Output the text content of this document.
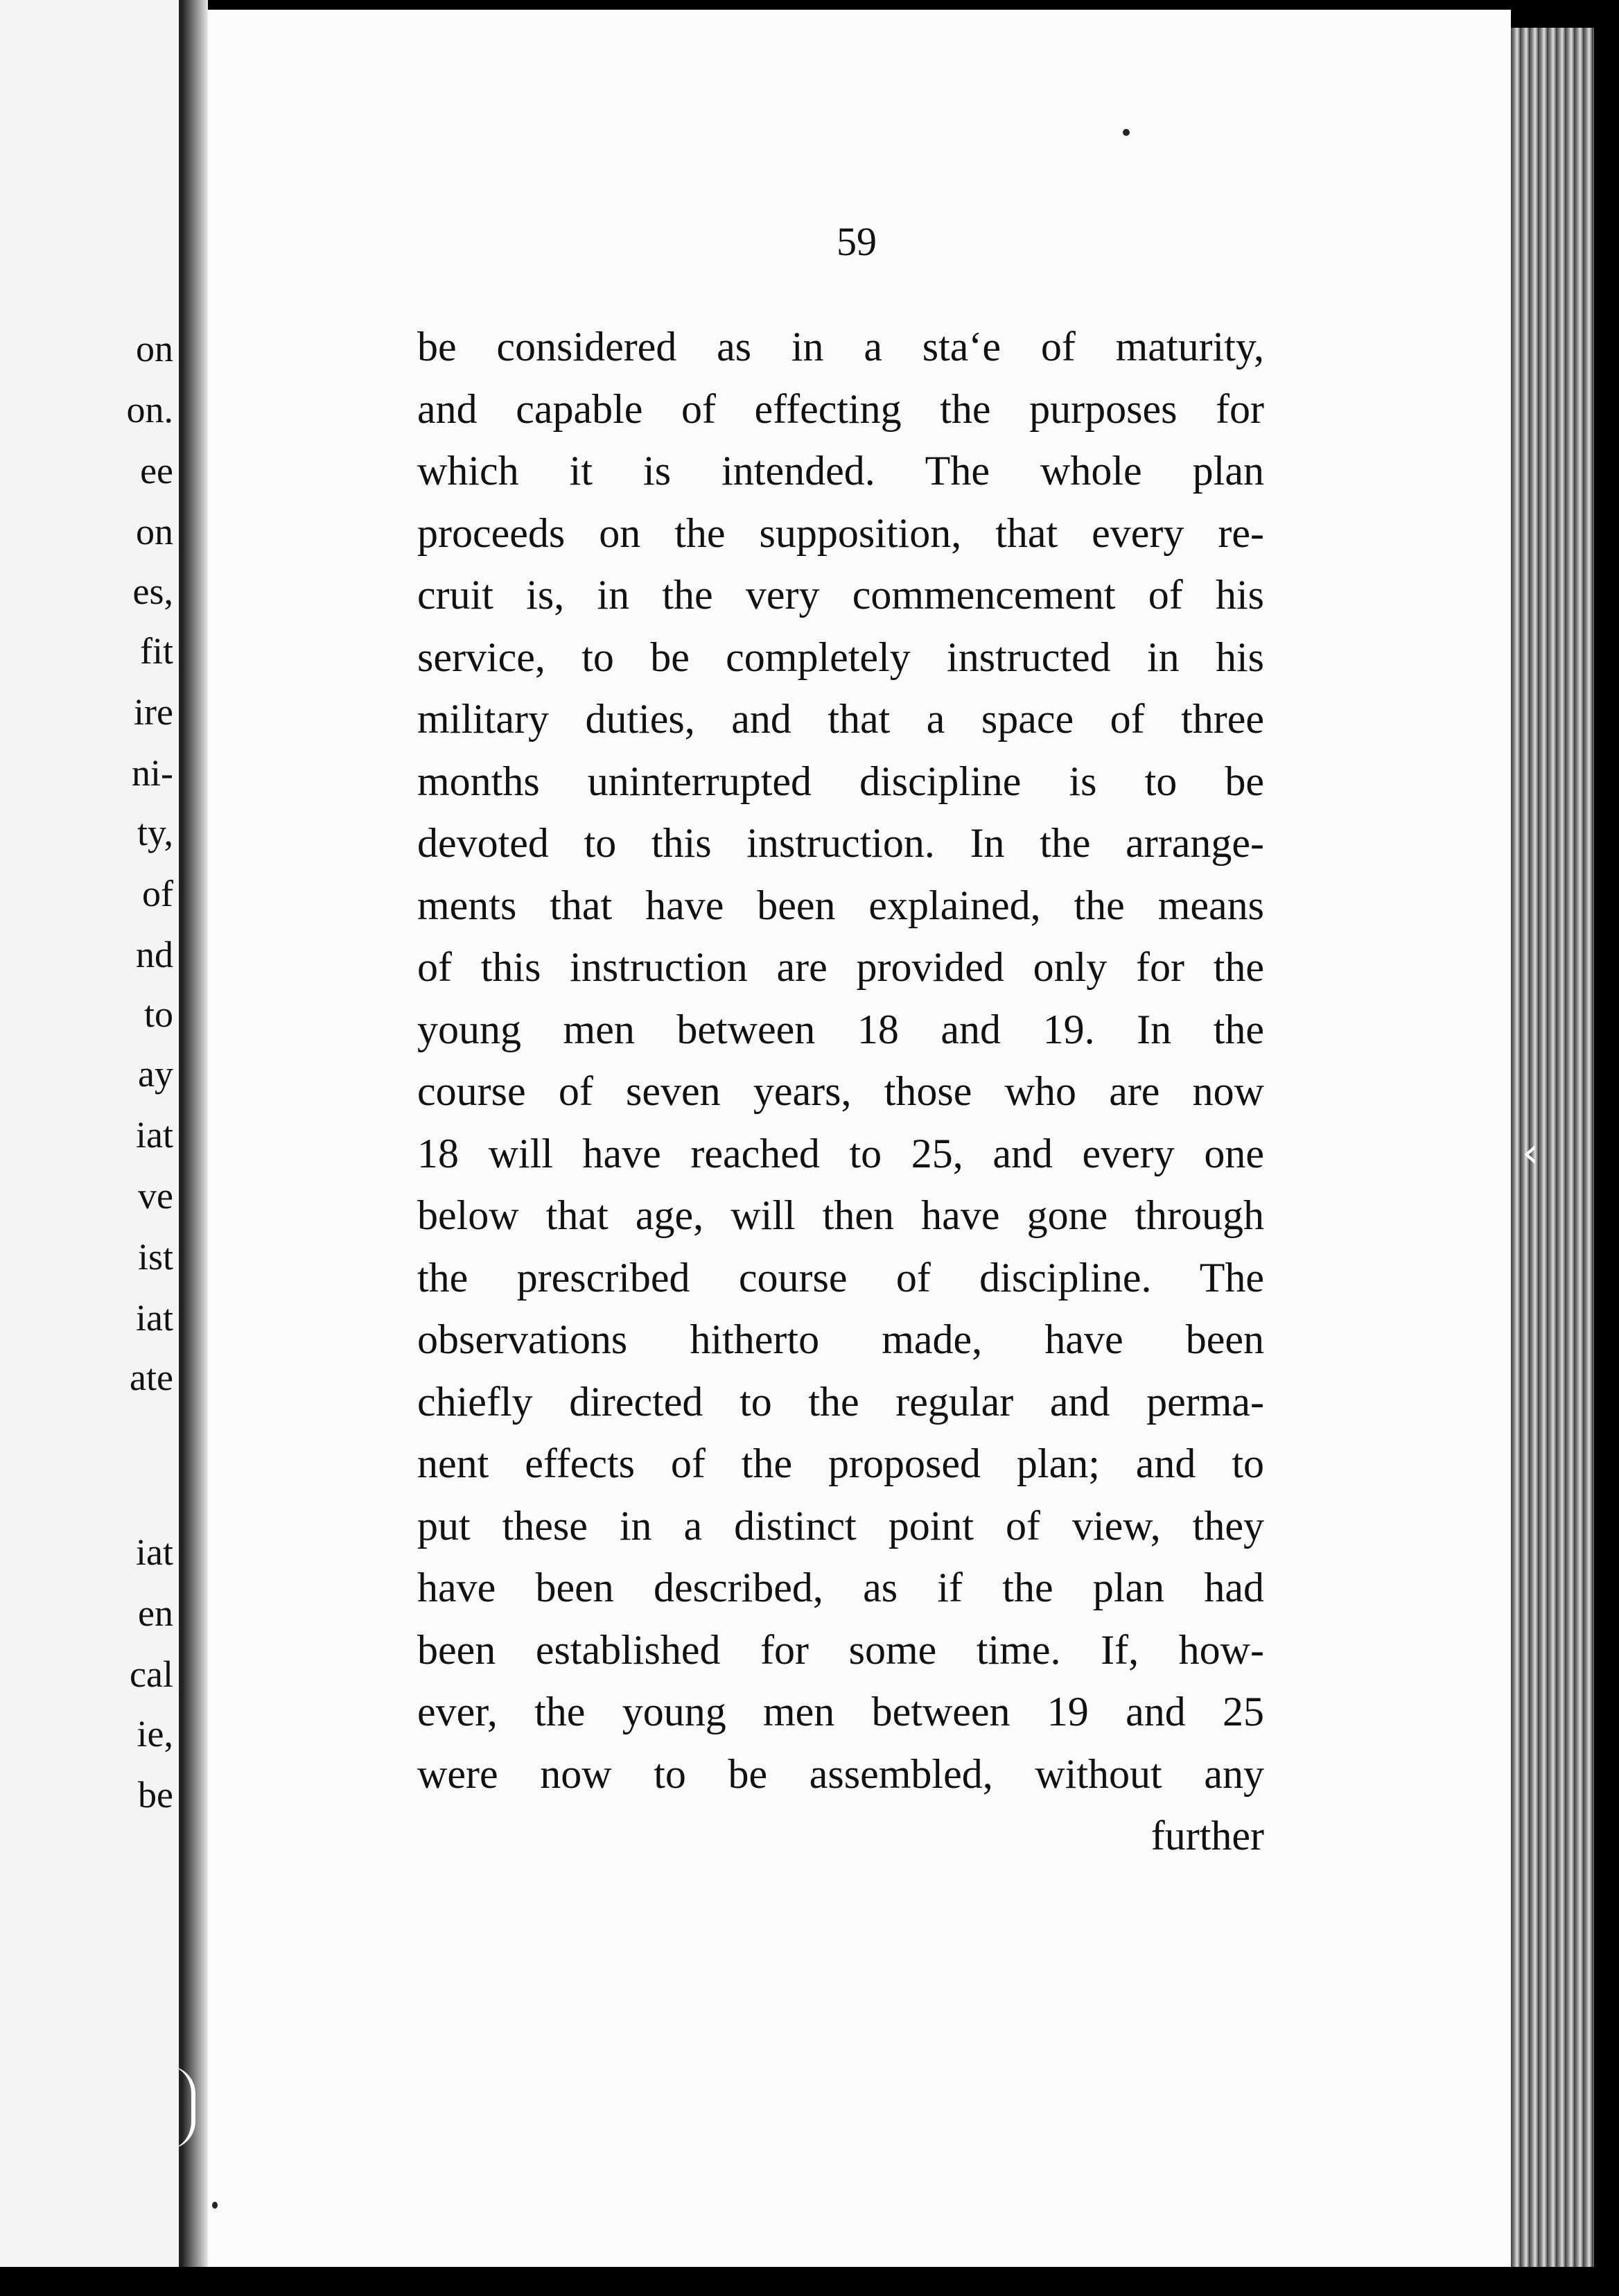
on
on.
ee
on
es,
fit
ire
ni-
ty,
of
nd
to
ay
iat
ve
ist
iat
ate
iat
en
cal
ie,
be
‹
59
be considered as in a sta‘e of maturity,
and capable of effecting the purposes for
which it is intended. The whole plan
proceeds on the supposition, that every re-
cruit is, in the very commencement of his
service, to be completely instructed in his
military duties, and that a space of three
months uninterrupted discipline is to be
devoted to this instruction. In the arrange-
ments that have been explained, the means
of this instruction are provided only for the
young men between 18 and 19. In the
course of seven years, those who are now
18 will have reached to 25, and every one
below that age, will then have gone through
the prescribed course of discipline. The
observations hitherto made, have been
chiefly directed to the regular and perma-
nent effects of the proposed plan; and to
put these in a distinct point of view, they
have been described, as if the plan had
been established for some time. If, how-
ever, the young men between 19 and 25
were now to be assembled, without any
further
